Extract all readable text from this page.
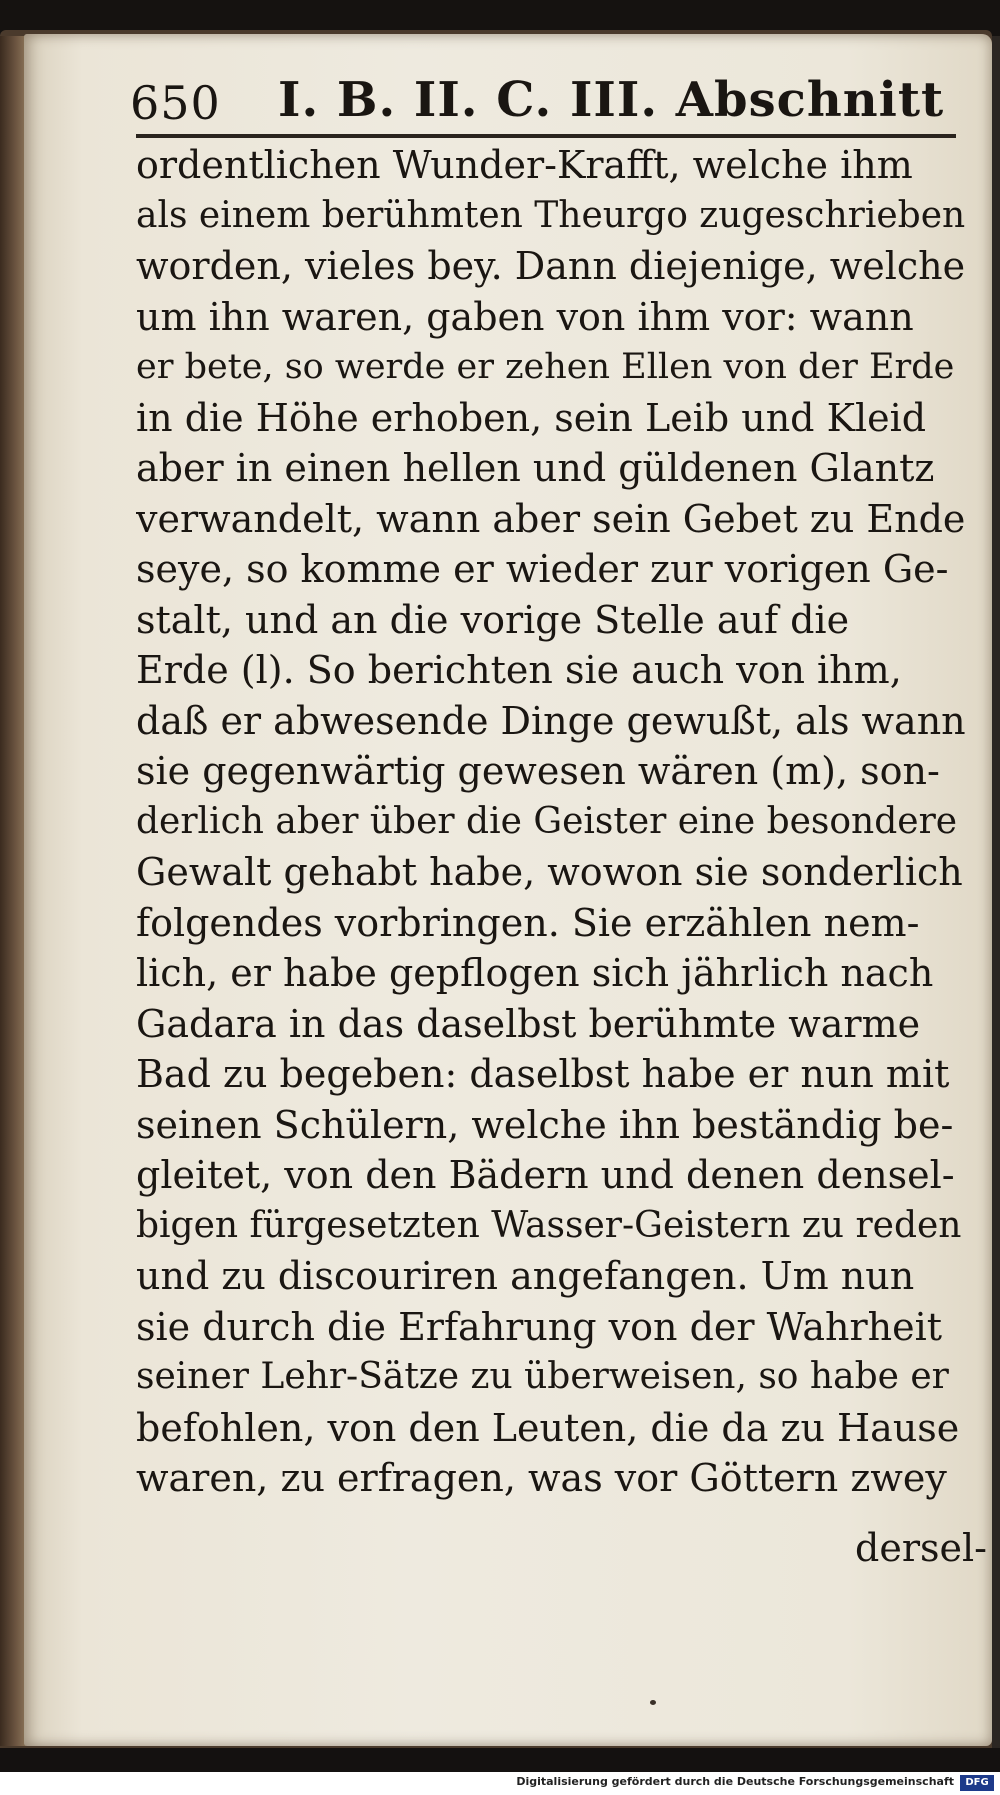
650 I. B. II. C. III. Abschnitt
ordentlichen Wunder-Krafft, welche ihm
als einem berühmten Theurgo zugeschrieben
worden, vieles bey. Dann diejenige, welche
um ihn waren, gaben von ihm vor: wann
er bete, so werde er zehen Ellen von der Erde
in die Höhe erhoben, sein Leib und Kleid
aber in einen hellen und güldenen Glantz
verwandelt, wann aber sein Gebet zu Ende
seye, so komme er wieder zur vorigen Ge-
stalt, und an die vorige Stelle auf die
Erde (l). So berichten sie auch von ihm,
daß er abwesende Dinge gewußt, als wann
sie gegenwärtig gewesen wären (m), son-
derlich aber über die Geister eine besondere
Gewalt gehabt habe, wowon sie sonderlich
folgendes vorbringen. Sie erzählen nem-
lich, er habe gepflogen sich jährlich nach
Gadara in das daselbst berühmte warme
Bad zu begeben: daselbst habe er nun mit
seinen Schülern, welche ihn beständig be-
gleitet, von den Bädern und denen densel-
bigen fürgesetzten Wasser-Geistern zu reden
und zu discouriren angefangen. Um nun
sie durch die Erfahrung von der Wahrheit
seiner Lehr-Sätze zu überweisen, so habe er
befohlen, von den Leuten, die da zu Hause
waren, zu erfragen, was vor Göttern zwey
dersel-
Digitalisierung gefördert durch die Deutsche Forschungsgemeinschaft	DFG
